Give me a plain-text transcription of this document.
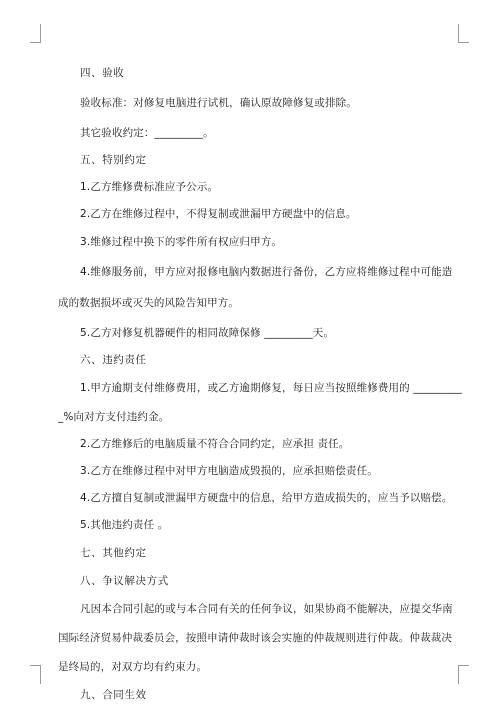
四、验收
验收标准：对修复电脑进行试机，确认原故障修复或排除。
其它验收约定：_________。
五、特别约定
1.乙方维修费标准应予公示。
2.乙方在维修过程中，不得复制或泄漏甲方硬盘中的信息。
3.维修过程中换下的零件所有权应归甲方。
4.维修服务前，甲方应对报修电脑内数据进行备份，乙方应将维修过程中可能造
成的数据损坏或灭失的风险告知甲方。
5.乙方对修复机器硬件的相同故障保修 _________天。
六、违约责任
1.甲方逾期支付维修费用，或乙方逾期修复，每日应当按照维修费用的 _________
_%向对方支付违约金。
2.乙方维修后的电脑质量不符合合同约定，应承担 责任。
3.乙方在维修过程中对甲方电脑造成毁损的，应承担赔偿责任。
4.乙方擅自复制或泄漏甲方硬盘中的信息，给甲方造成损失的，应当予以赔偿。
5.其他违约责任 。
七、其他约定
八、争议解决方式
凡因本合同引起的或与本合同有关的任何争议，如果协商不能解决，应提交华南
国际经济贸易仲裁委员会，按照申请仲裁时该会实施的仲裁规则进行仲裁。仲裁裁决
是终局的，对双方均有约束力。
九、合同生效
